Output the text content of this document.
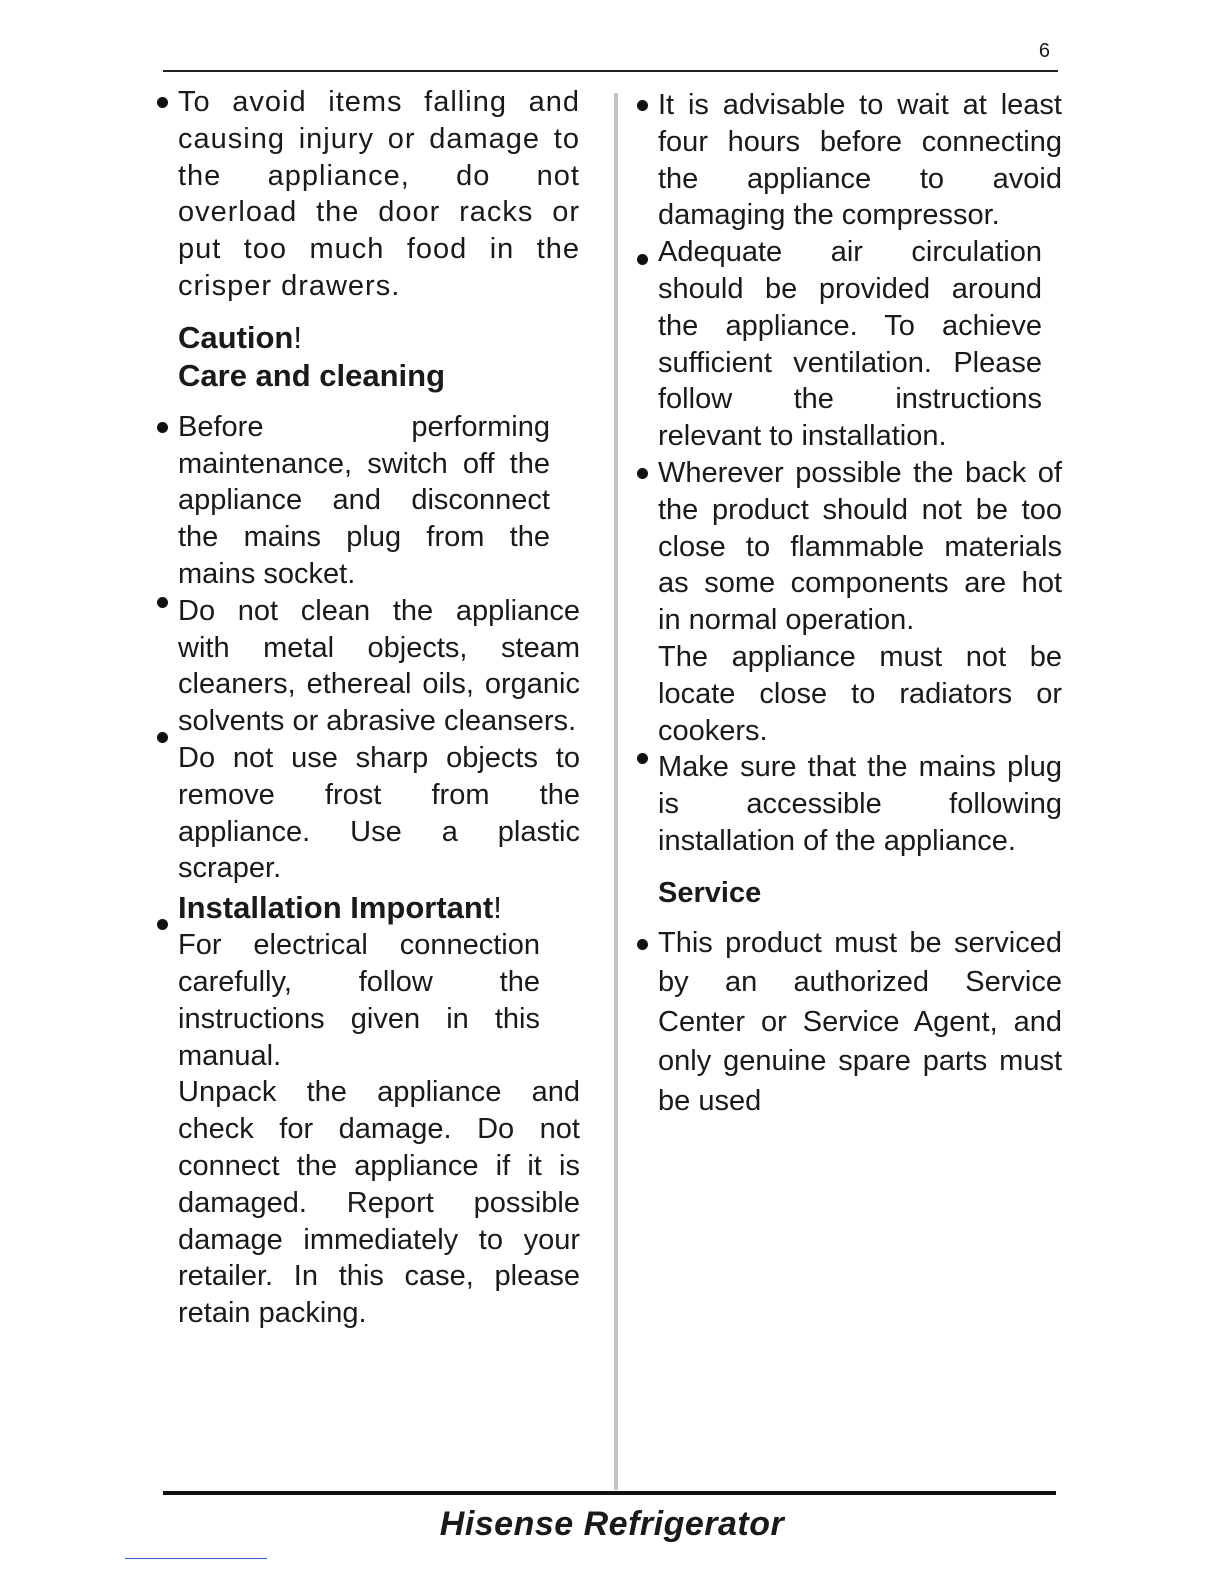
6
To avoid items falling and causing injury or damage to the appliance, do not overload the door racks or put too much food in the crisper drawers.
Caution!
Care and cleaning
Before performing maintenance, switch off the appliance and disconnect the mains plug from the mains socket.
Do not clean the appliance with metal objects, steam cleaners, ethereal oils, organic solvents or abrasive cleansers.
Do not use sharp objects to remove frost from the appliance. Use a plastic scraper.
Installation Important!
For electrical connection carefully, follow the instructions given in this manual.
Unpack the appliance and check for damage. Do not connect the appliance if it is damaged. Report possible damage immediately to your retailer. In this case, please retain packing.
It is advisable to wait at least four hours before connecting the appliance to avoid damaging the compressor.
Adequate air circulation should be provided around the appliance. To achieve sufficient ventilation. Please follow the instructions relevant to installation.
Wherever possible the back of the product should not be too close to flammable materials as some components are hot in normal operation.
The appliance must not be locate close to radiators or cookers.
Make sure that the mains plug is accessible following installation of the appliance.
Service
This product must be serviced by an authorized Service Center or Service Agent, and only genuine spare parts must be used
Hisense Refrigerator
